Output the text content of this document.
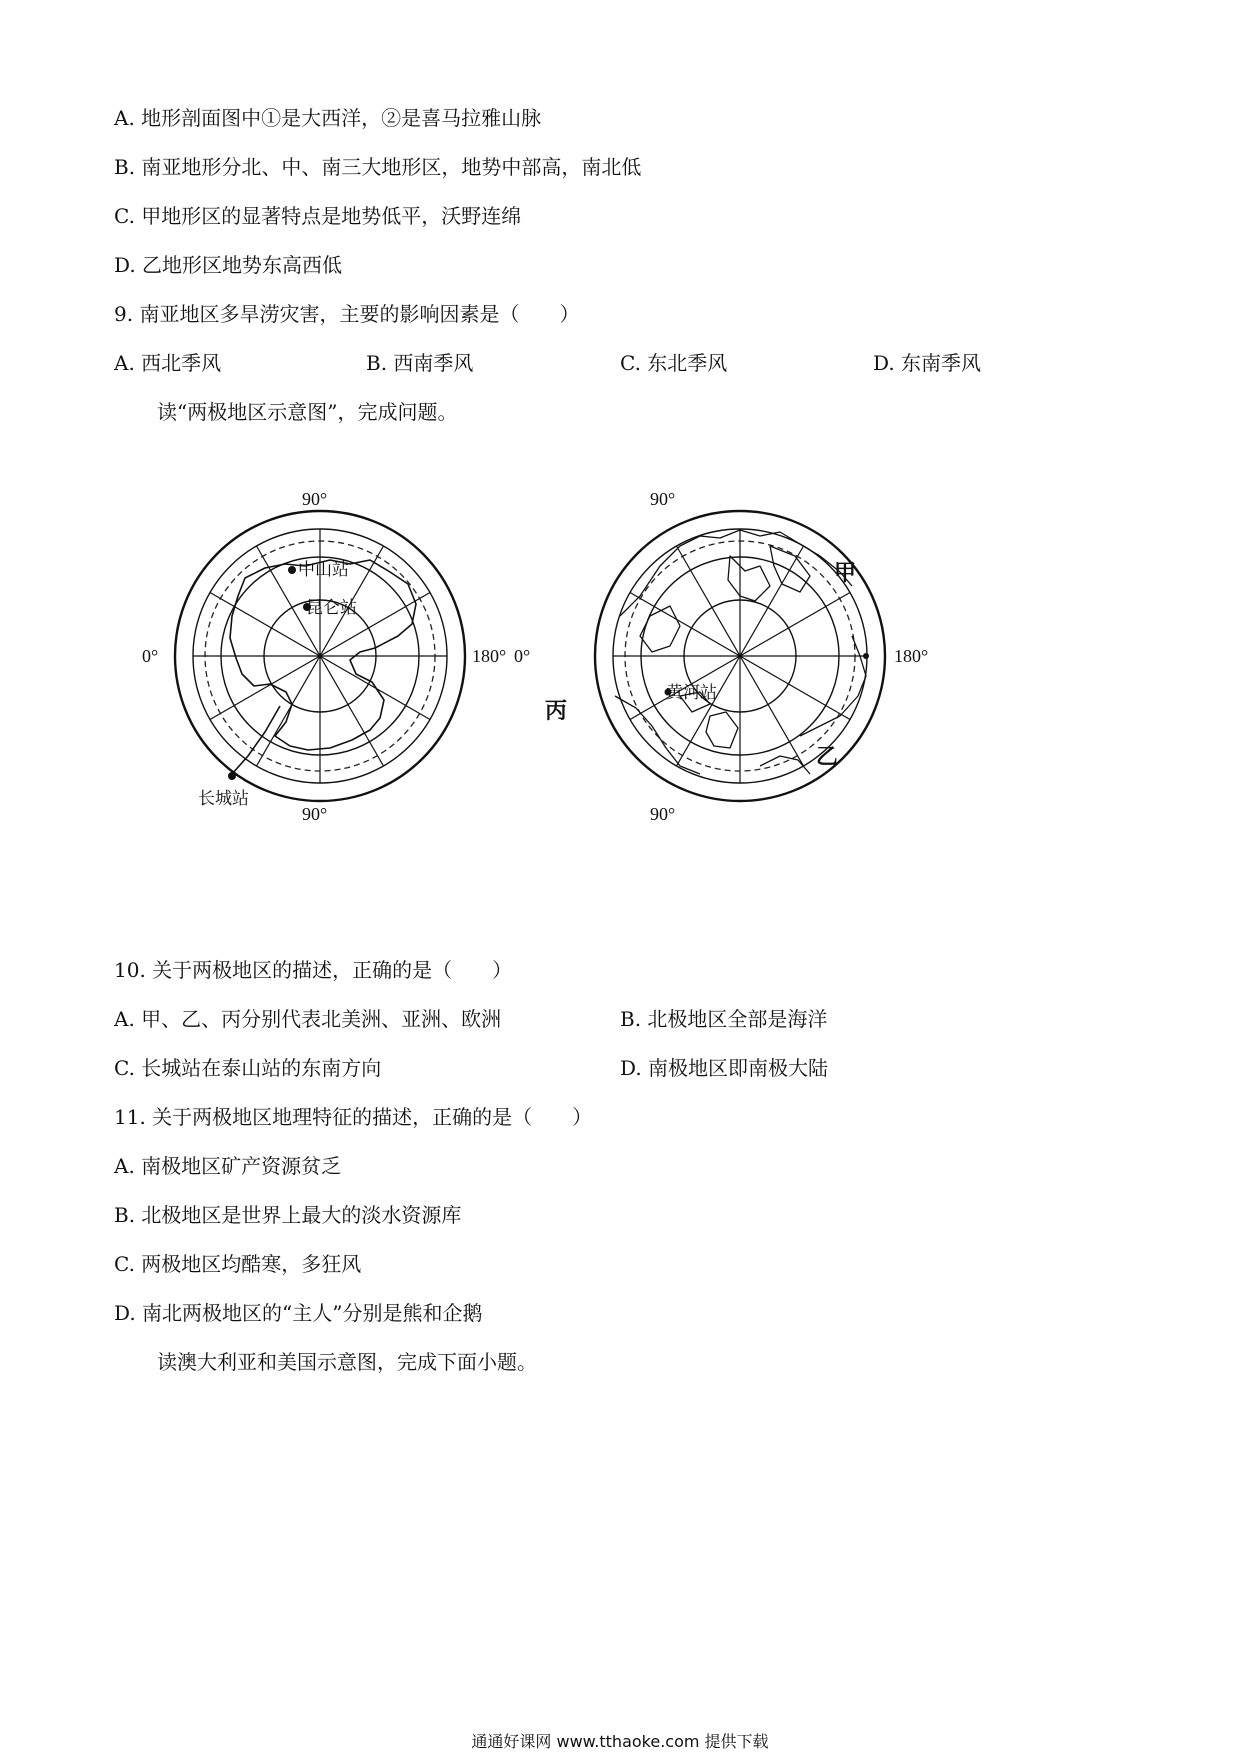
A. 地形剖面图中①是大西洋，②是喜马拉雅山脉
B. 南亚地形分北、中、南三大地形区，地势中部高，南北低
C. 甲地形区的显著特点是地势低平，沃野连绵
D. 乙地形区地势东高西低
9. 南亚地区多旱涝灾害，主要的影响因素是（　　）
A. 西北季风	B. 西南季风	C. 东北季风	D. 东南季风
读“两极地区示意图”，完成问题。
90°
90°
0°	180°
中山站
昆仑站
长城站
90°
90°
0°	180°
黄河站
甲
乙
丙
10. 关于两极地区的描述，正确的是（　　）
A. 甲、乙、丙分别代表北美洲、亚洲、欧洲	B. 北极地区全部是海洋
C. 长城站在泰山站的东南方向	D. 南极地区即南极大陆
11. 关于两极地区地理特征的描述，正确的是（　　）
A. 南极地区矿产资源贫乏
B. 北极地区是世界上最大的淡水资源库
C. 两极地区均酷寒，多狂风
D. 南北两极地区的“主人”分别是熊和企鹅
读澳大利亚和美国示意图，完成下面小题。
通通好课网 www.tthaoke.com 提供下载
